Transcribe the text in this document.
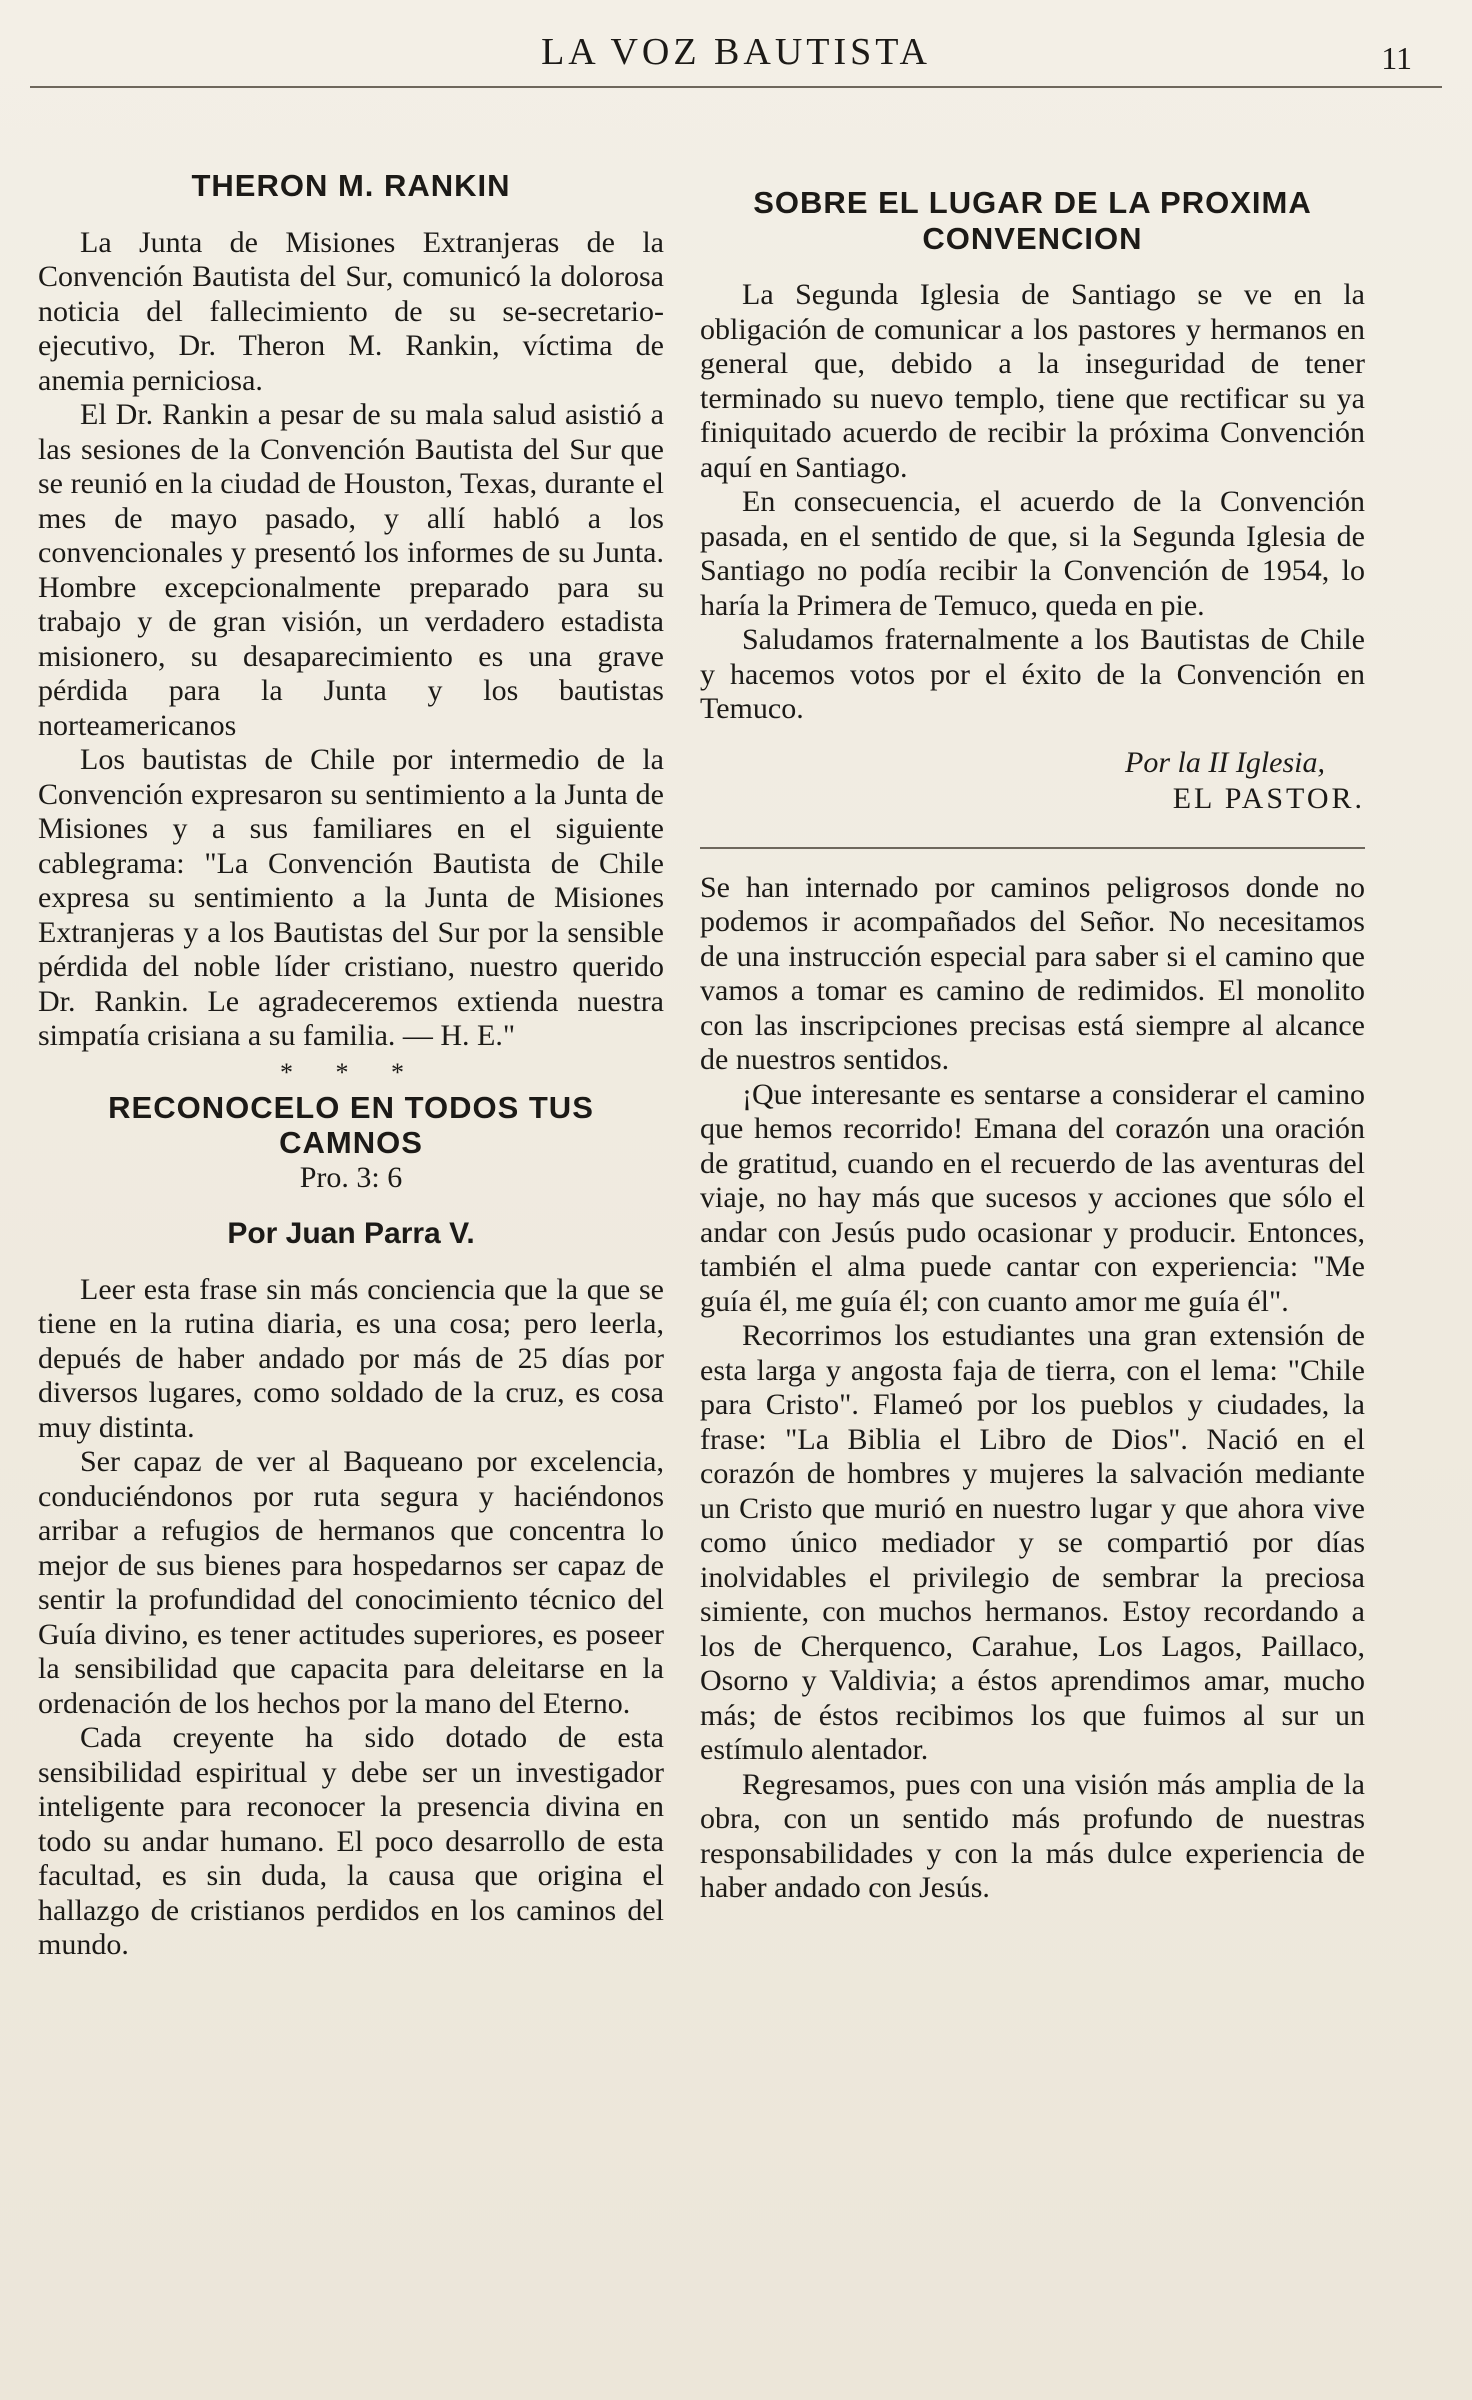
LA VOZ BAUTISTA	11
THERON M. RANKIN

La Junta de Misiones Extranjeras de la Convención Bautista del Sur, comunicó la dolorosa noticia del fallecimiento de su se-secretario-ejecutivo, Dr. Theron M. Rankin, víctima de anemia perniciosa.

El Dr. Rankin a pesar de su mala salud asistió a las sesiones de la Convención Bautista del Sur que se reunió en la ciudad de Houston, Texas, durante el mes de mayo pasado, y allí habló a los convencionales y presentó los informes de su Junta. Hombre excepcionalmente preparado para su trabajo y de gran visión, un verdadero estadista misionero, su desaparecimiento es una grave pérdida para la Junta y los bautistas norteamericanos

Los bautistas de Chile por intermedio de la Convención expresaron su sentimiento a la Junta de Misiones y a sus familiares en el siguiente cablegrama: "La Convención Bautista de Chile expresa su sentimiento a la Junta de Misiones Extranjeras y a los Bautistas del Sur por la sensible pérdida del noble líder cristiano, nuestro querido Dr. Rankin. Le agradeceremos extienda nuestra simpatía crisiana a su familia. — H. E."

* * *
RECONOCELO EN TODOS TUS CAMNOS

Pro. 3: 6

Por Juan Parra V.

Leer esta frase sin más conciencia que la que se tiene en la rutina diaria, es una cosa; pero leerla, depués de haber andado por más de 25 días por diversos lugares, como soldado de la cruz, es cosa muy distinta.

Ser capaz de ver al Baqueano por excelencia, conduciéndonos por ruta segura y haciéndonos arribar a refugios de hermanos que concentra lo mejor de sus bienes para hospedarnos ser capaz de sentir la profundidad del conocimiento técnico del Guía divino, es tener actitudes superiores, es poseer la sensibilidad que capacita para deleitarse en la ordenación de los hechos por la mano del Eterno.

Cada creyente ha sido dotado de esta sensibilidad espiritual y debe ser un investigador inteligente para reconocer la presencia divina en todo su andar humano. El poco desarrollo de esta facultad, es sin duda, la causa que origina el hallazgo de cristianos perdidos en los caminos del mundo.

SOBRE EL LUGAR DE LA PROXIMA CONVENCION

La Segunda Iglesia de Santiago se ve en la obligación de comunicar a los pastores y hermanos en general que, debido a la inseguridad de tener terminado su nuevo templo, tiene que rectificar su ya finiquitado acuerdo de recibir la próxima Convención aquí en Santiago.

En consecuencia, el acuerdo de la Convención pasada, en el sentido de que, si la Segunda Iglesia de Santiago no podía recibir la Convención de 1954, lo haría la Primera de Temuco, queda en pie.

Saludamos fraternalmente a los Bautistas de Chile y hacemos votos por el éxito de la Convención en Temuco.

Por la II Iglesia,

EL PASTOR.

Se han internado por caminos peligrosos donde no podemos ir acompañados del Señor. No necesitamos de una instrucción especial para saber si el camino que vamos a tomar es camino de redimidos. El monolito con las inscripciones precisas está siempre al alcance de nuestros sentidos.

¡Que interesante es sentarse a considerar el camino que hemos recorrido! Emana del corazón una oración de gratitud, cuando en el recuerdo de las aventuras del viaje, no hay más que sucesos y acciones que sólo el andar con Jesús pudo ocasionar y producir. Entonces, también el alma puede cantar con experiencia: "Me guía él, me guía él; con cuanto amor me guía él".

Recorrimos los estudiantes una gran extensión de esta larga y angosta faja de tierra, con el lema: "Chile para Cristo". Flameó por los pueblos y ciudades, la frase: "La Biblia el Libro de Dios". Nació en el corazón de hombres y mujeres la salvación mediante un Cristo que murió en nuestro lugar y que ahora vive como único mediador y se compartió por días inolvidables el privilegio de sembrar la preciosa simiente, con muchos hermanos. Estoy recordando a los de Cherquenco, Carahue, Los Lagos, Paillaco, Osorno y Valdivia; a éstos aprendimos amar, mucho más; de éstos recibimos los que fuimos al sur un estímulo alentador.

Regresamos, pues con una visión más amplia de la obra, con un sentido más profundo de nuestras responsabilidades y con la más dulce experiencia de haber andado con Jesús.
